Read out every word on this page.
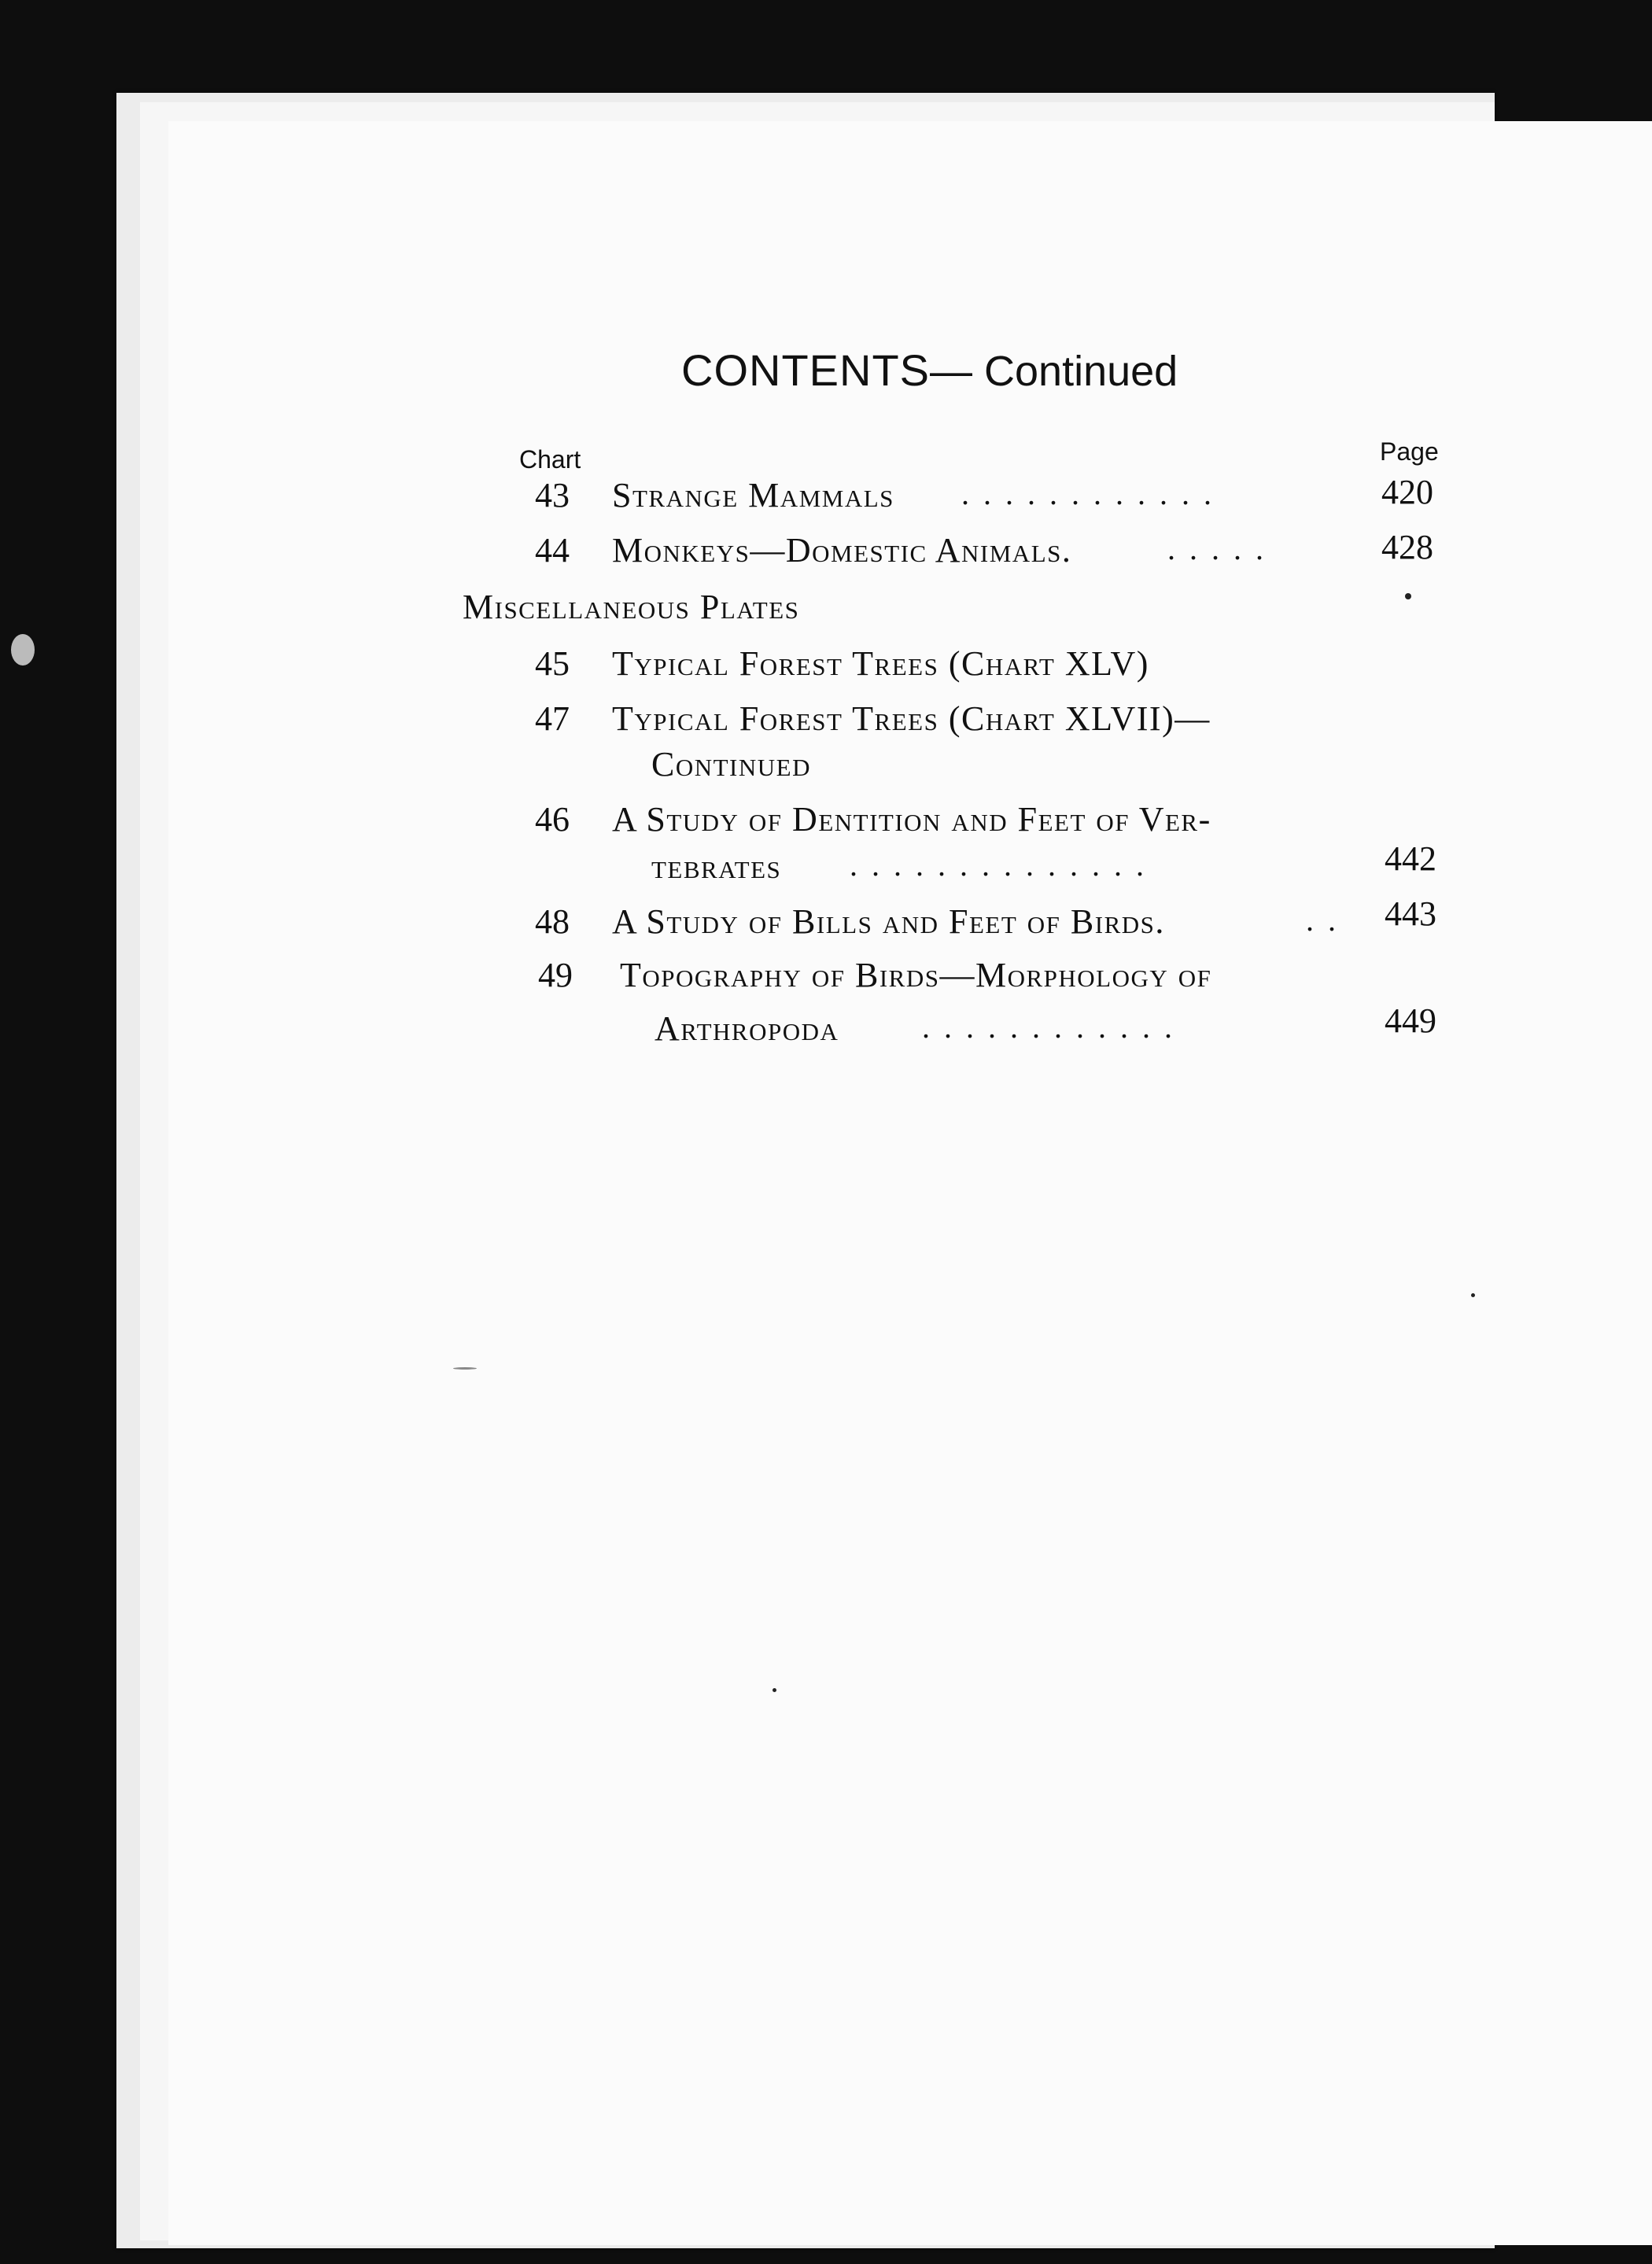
CONTENTS— Continued
Chart	Page
43 Strange Mammals ............	420
44 Monkeys—Domestic Animals.	.....	428
Miscellaneous Plates
45 Typical Forest Trees (Chart XLV)
47 Typical Forest Trees (Chart XLVII)—
Continued
46 A Study of Dentition and Feet of Ver-
tebrates ..............	442
48 A Study of Bills and Feet of Birds.	.. 443
49 Topography of Birds—Morphology of
Arthropoda	............	449
